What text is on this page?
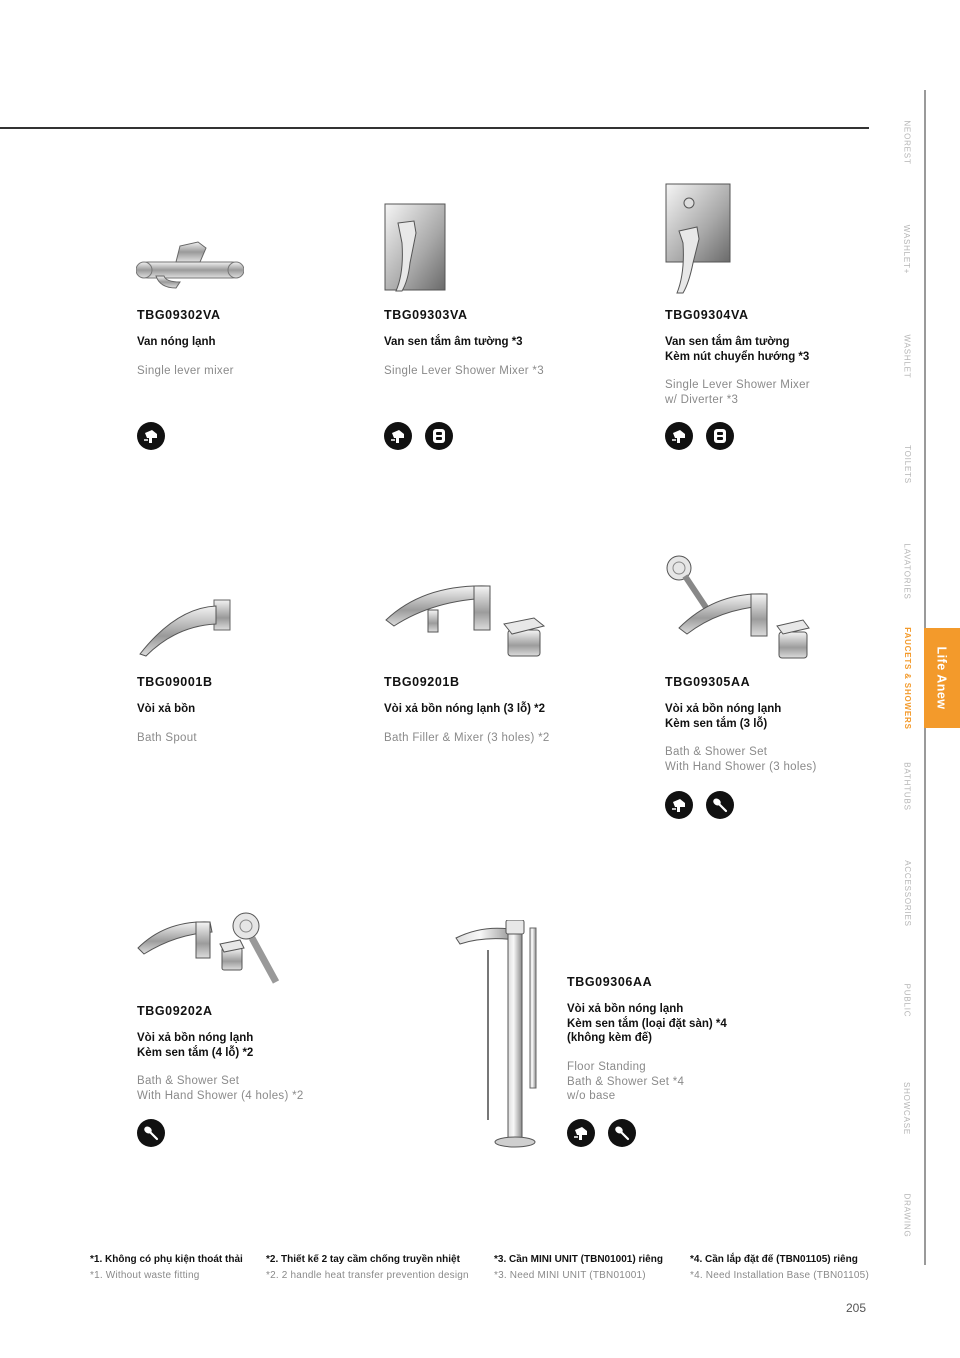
TBG09302VA
Van nóng lạnh
Single lever mixer
TBG09303VA
Van sen tắm âm tường *3
Single Lever Shower Mixer *3
TBG09304VA
Van sen tắm âm tường
Kèm nút chuyển hướng *3
Single Lever Shower Mixer
w/ Diverter *3
TBG09001B
Vòi xả bồn
Bath Spout
TBG09201B
Vòi xả bồn nóng lạnh (3 lỗ) *2
Bath Filler & Mixer (3 holes) *2
TBG09305AA
Vòi xả bồn nóng lạnh
Kèm sen tắm (3 lỗ)
Bath & Shower Set
With Hand Shower (3 holes)
TBG09202A
Vòi xả bồn nóng lạnh
Kèm sen tắm (4 lỗ) *2
Bath & Shower Set
With Hand Shower (4 holes) *2
TBG09306AA
Vòi xả bồn nóng lạnh
Kèm sen tắm (loại đặt sàn) *4
(không kèm đế)
Floor Standing
Bath & Shower Set *4
w/o base
NEOREST
WASHLET+
WASHLET
TOILETS
LAVATORIES
FAUCETS & SHOWERS
BATHTUBS
ACCESSORIES
PUBLIC
SHOWCASE
DRAWING
Life Anew
*1. Không có phụ kiện thoát thải
*1. Without waste fitting
*2. Thiết kế 2 tay cầm chống truyền nhiệt
*2. 2 handle heat transfer prevention design
*3. Cần MINI UNIT (TBN01001) riêng
*3. Need MINI UNIT (TBN01001)
*4. Cần lắp đặt đế (TBN01105) riêng
*4. Need Installation Base (TBN01105)
205
